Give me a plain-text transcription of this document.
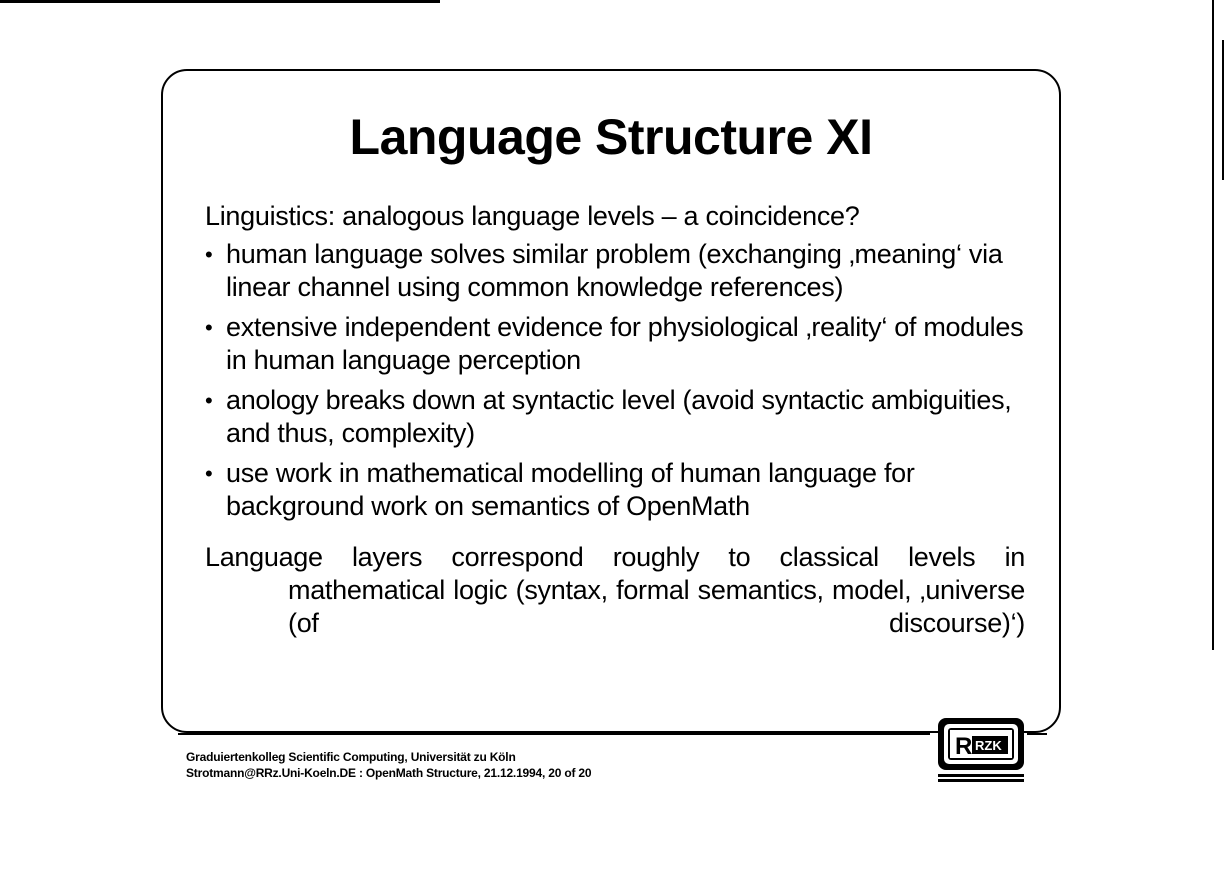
Language Structure XI

Linguistics: analogous language levels – a coincidence?

• human language solves similar problem (exchanging ‚meaning‘ via linear channel using common knowledge references)
• extensive independent evidence for physiological ‚reality‘ of modules in human language perception
• anology breaks down at syntactic level (avoid syntactic ambiguities, and thus, complexity)
• use work in mathematical modelling of human language for background work on semantics of OpenMath

Language layers correspond roughly to classical levels in mathematical logic (syntax, formal semantics, model, ‚universe (of discourse)‘)

Graduiertenkolleg Scientific Computing, Universität zu Köln
Strotmann@RRz.Uni-Koeln.DE : OpenMath Structure, 21.12.1994, 20 of 20
R RZK
